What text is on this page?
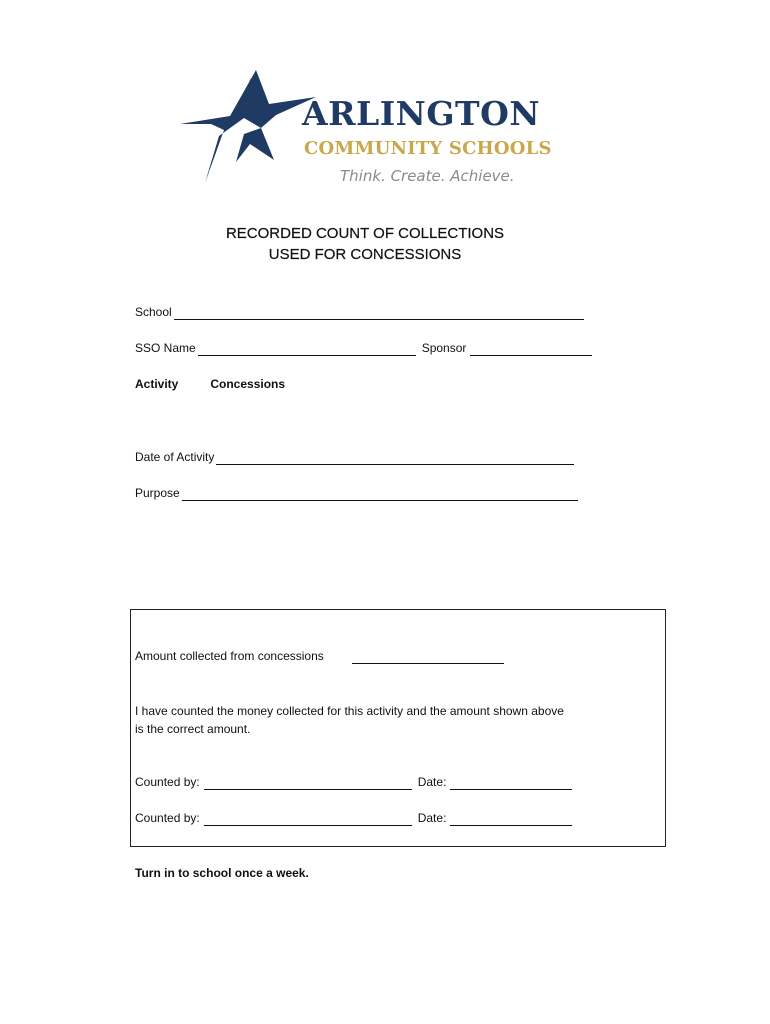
ARLINGTON
COMMUNITY SCHOOLS
Think. Create. Achieve.
RECORDED COUNT OF COLLECTIONS
USED FOR CONCESSIONS
School
SSO Name	Sponsor
Activity	Concessions
Date of Activity
Purpose
Amount collected from concessions
I have counted the money collected for this activity and the amount shown above is the correct amount.
Counted by:	Date:
Counted by:	Date:
Turn in to school once a week.
